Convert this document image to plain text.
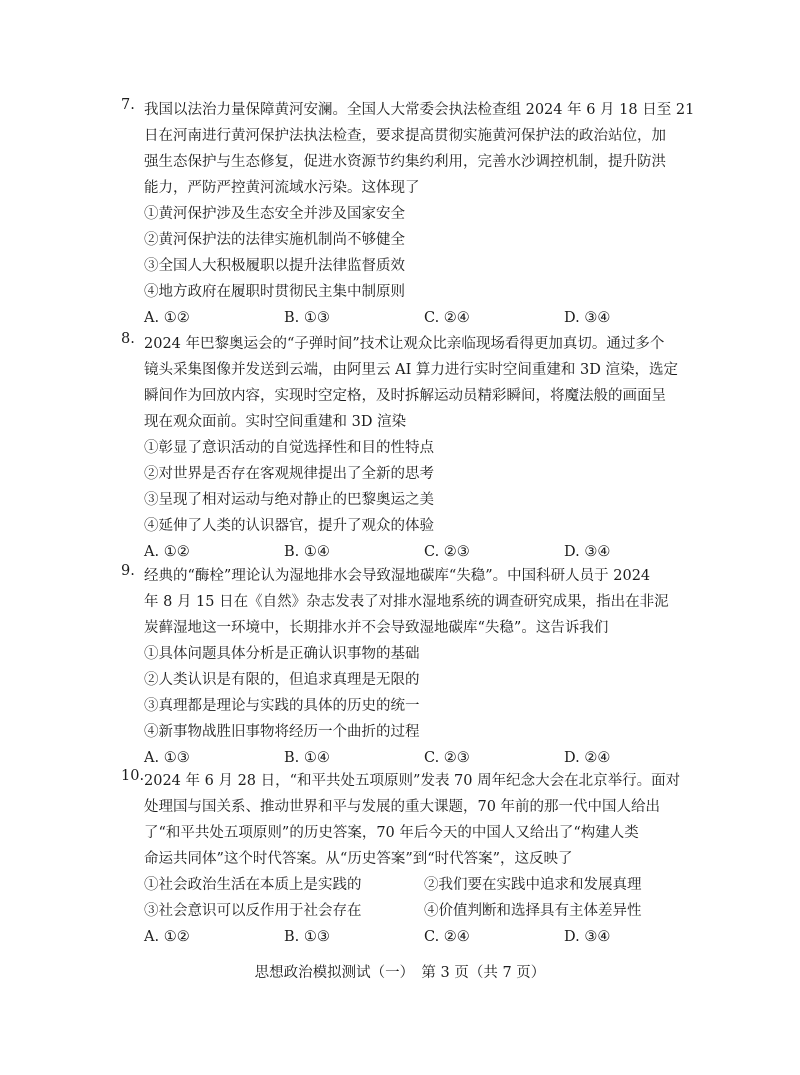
7. 我国以法治力量保障黄河安澜。全国人大常委会执法检查组 2024 年 6 月 18 日至 21
日在河南进行黄河保护法执法检查，要求提高贯彻实施黄河保护法的政治站位，加
强生态保护与生态修复，促进水资源节约集约利用，完善水沙调控机制，提升防洪
能力，严防严控黄河流域水污染。这体现了
①黄河保护涉及生态安全并涉及国家安全
②黄河保护法的法律实施机制尚不够健全
③全国人大积极履职以提升法律监督质效
④地方政府在履职时贯彻民主集中制原则
A. ①②	B. ①③	C. ②④	D. ③④
8. 2024 年巴黎奥运会的“子弹时间”技术让观众比亲临现场看得更加真切。通过多个
镜头采集图像并发送到云端，由阿里云 AI 算力进行实时空间重建和 3D 渲染，选定
瞬间作为回放内容，实现时空定格，及时拆解运动员精彩瞬间，将魔法般的画面呈
现在观众面前。实时空间重建和 3D 渲染
①彰显了意识活动的自觉选择性和目的性特点
②对世界是否存在客观规律提出了全新的思考
③呈现了相对运动与绝对静止的巴黎奥运之美
④延伸了人类的认识器官，提升了观众的体验
A. ①②	B. ①④	C. ②③	D. ③④
9. 经典的“酶栓”理论认为湿地排水会导致湿地碳库“失稳”。中国科研人员于 2024
年 8 月 15 日在《自然》杂志发表了对排水湿地系统的调查研究成果，指出在非泥
炭藓湿地这一环境中，长期排水并不会导致湿地碳库“失稳”。这告诉我们
①具体问题具体分析是正确认识事物的基础
②人类认识是有限的，但追求真理是无限的
③真理都是理论与实践的具体的历史的统一
④新事物战胜旧事物将经历一个曲折的过程
A. ①③	B. ①④	C. ②③	D. ②④
10. 2024 年 6 月 28 日，“和平共处五项原则”发表 70 周年纪念大会在北京举行。面对
处理国与国关系、推动世界和平与发展的重大课题，70 年前的那一代中国人给出
了“和平共处五项原则”的历史答案，70 年后今天的中国人又给出了“构建人类
命运共同体”这个时代答案。从“历史答案”到“时代答案”，这反映了
①社会政治生活在本质上是实践的	②我们要在实践中追求和发展真理
③社会意识可以反作用于社会存在	④价值判断和选择具有主体差异性
A. ①②	B. ①③	C. ②④	D. ③④
思想政治模拟测试（一）　第 3 页（共 7 页）
